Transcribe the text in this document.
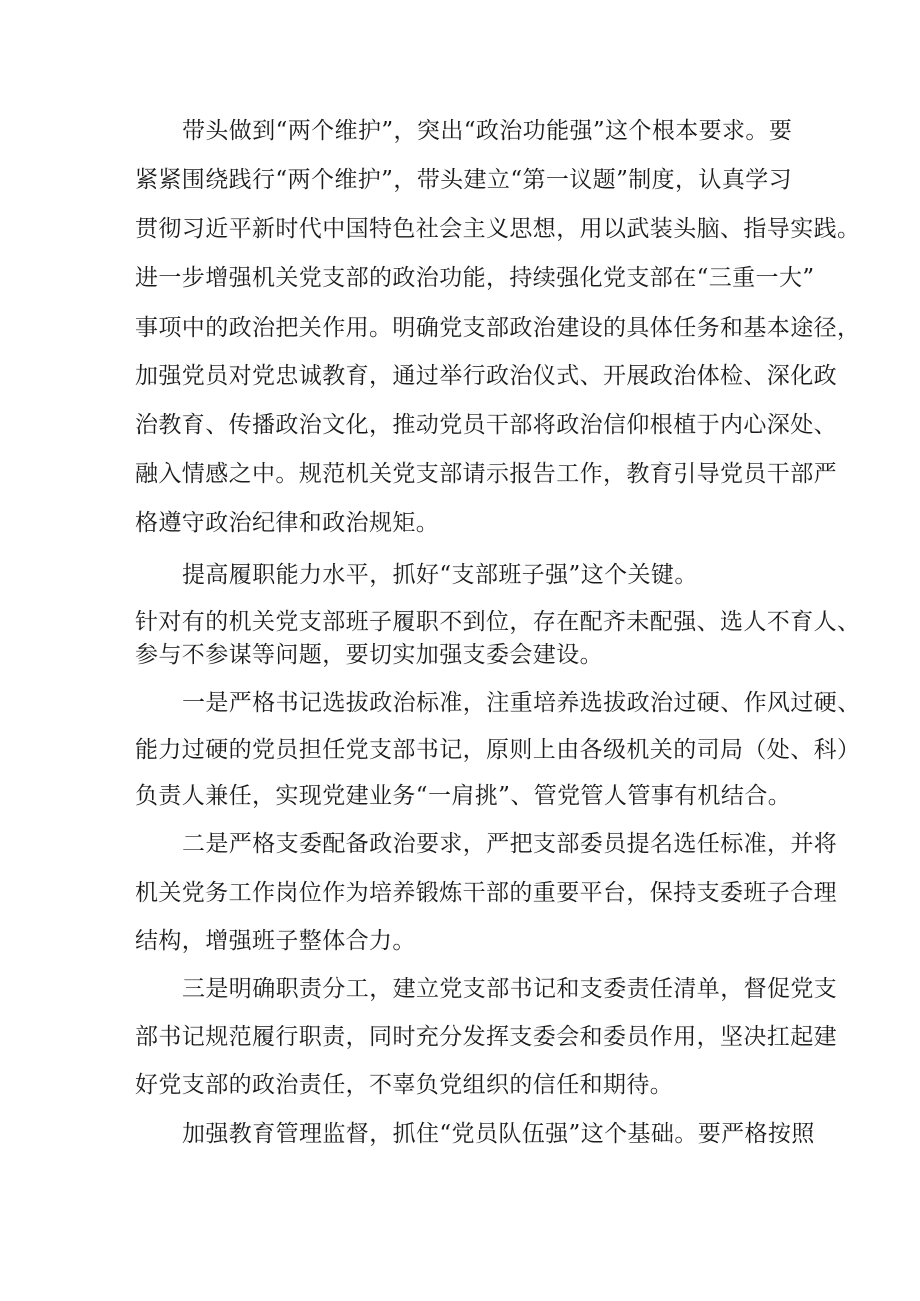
带头做到“两个维护”，突出“政治功能强”这个根本要求。要
紧紧围绕践行“两个维护”，带头建立“第一议题”制度，认真学习
贯彻习近平新时代中国特色社会主义思想，用以武装头脑、指导实践。
进一步增强机关党支部的政治功能，持续强化党支部在“三重一大”
事项中的政治把关作用。明确党支部政治建设的具体任务和基本途径，
加强党员对党忠诚教育，通过举行政治仪式、开展政治体检、深化政
治教育、传播政治文化，推动党员干部将政治信仰根植于内心深处、
融入情感之中。规范机关党支部请示报告工作，教育引导党员干部严
格遵守政治纪律和政治规矩。
提高履职能力水平，抓好“支部班子强”这个关键。
针对有的机关党支部班子履职不到位，存在配齐未配强、选人不育人、
参与不参谋等问题，要切实加强支委会建设。
一是严格书记选拔政治标准，注重培养选拔政治过硬、作风过硬、
能力过硬的党员担任党支部书记，原则上由各级机关的司局（处、科）
负责人兼任，实现党建业务“一肩挑”、管党管人管事有机结合。
二是严格支委配备政治要求，严把支部委员提名选任标准，并将
机关党务工作岗位作为培养锻炼干部的重要平台，保持支委班子合理
结构，增强班子整体合力。
三是明确职责分工，建立党支部书记和支委责任清单，督促党支
部书记规范履行职责，同时充分发挥支委会和委员作用，坚决扛起建
好党支部的政治责任，不辜负党组织的信任和期待。
加强教育管理监督，抓住“党员队伍强”这个基础。要严格按照
